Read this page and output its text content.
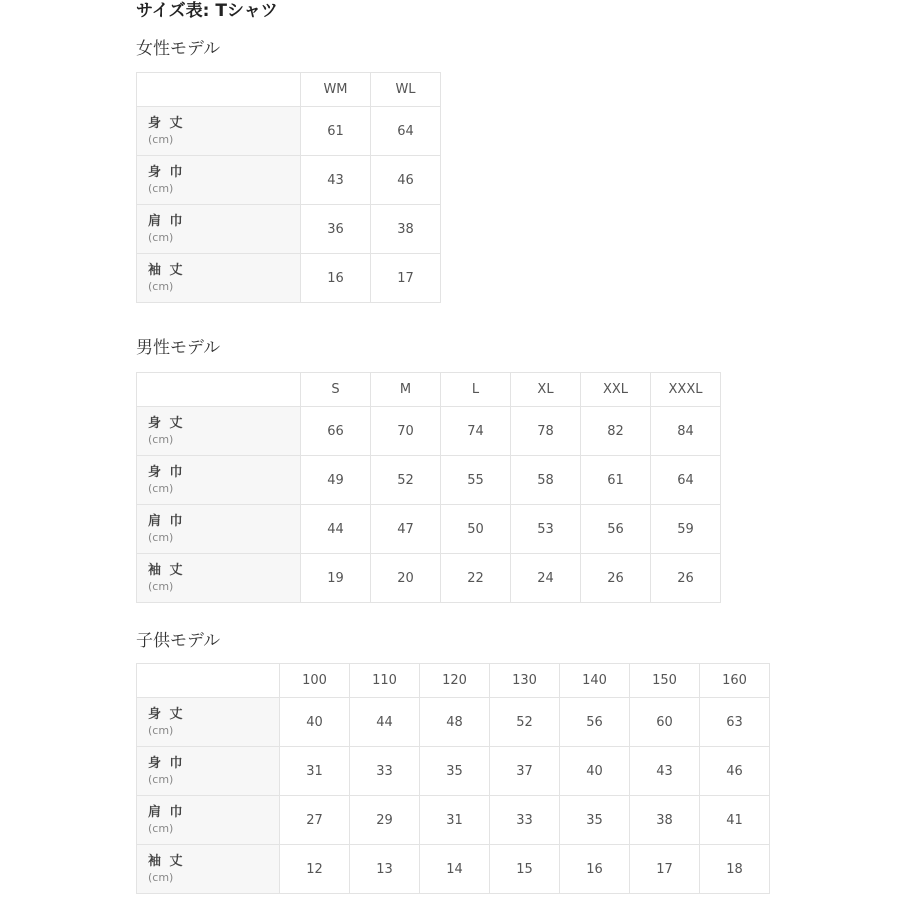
サイズ表: Tシャツ
女性モデル
	WM	WL

身 丈
(cm)	61	64

身 巾
(cm)	43	46

肩 巾
(cm)	36	38

袖 丈
(cm)	16	17
男性モデル
	S	M	L	XL	XXL	XXXL

身 丈
(cm)	66	70	74	78	82	84

身 巾
(cm)	49	52	55	58	61	64

肩 巾
(cm)	44	47	50	53	56	59

袖 丈
(cm)	19	20	22	24	26	26
子供モデル
	100	110	120	130	140	150	160

身 丈
(cm)	40	44	48	52	56	60	63

身 巾
(cm)	31	33	35	37	40	43	46

肩 巾
(cm)	27	29	31	33	35	38	41

袖 丈
(cm)	12	13	14	15	16	17	18
